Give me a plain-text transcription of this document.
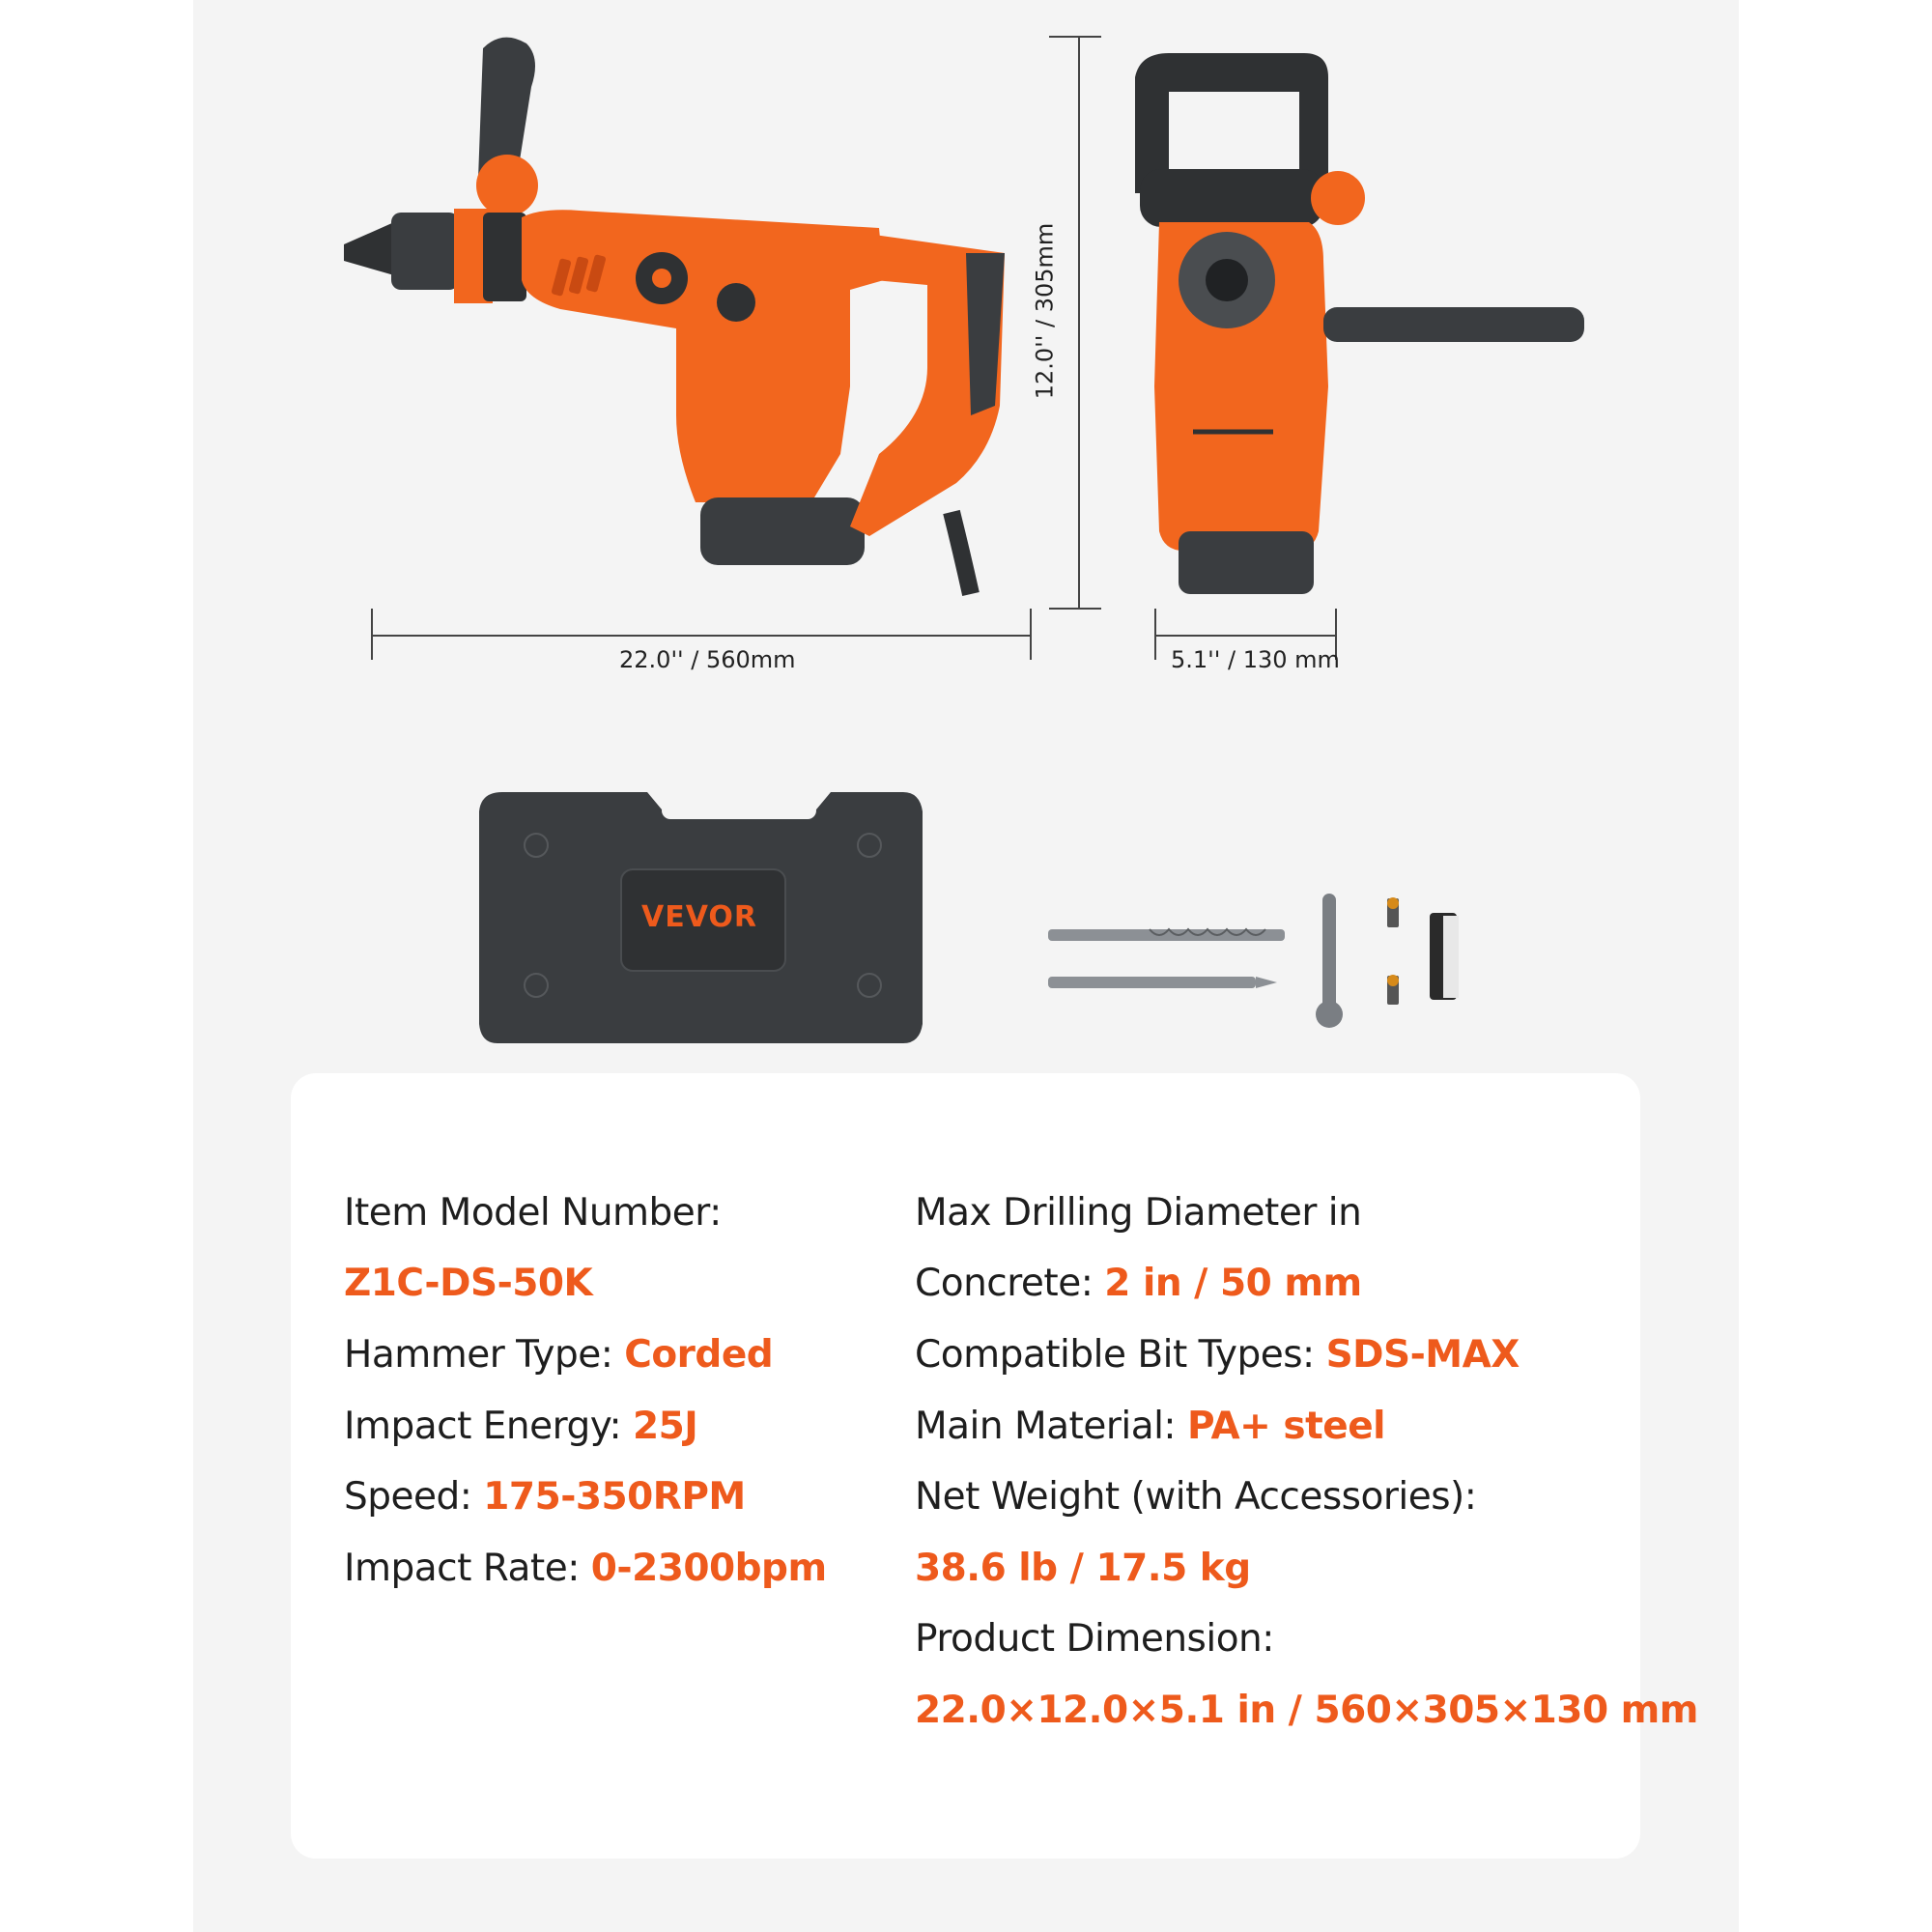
22.0'' / 560mm	5.1'' / 130 mm
12.0'' / 305mm
VEVOR
Item Model Number:
Z1C-DS-50K
Hammer Type: Corded
Impact Energy: 25J
Speed: 175-350RPM
Impact Rate: 0-2300bpm
Max Drilling Diameter in
Concrete: 2 in / 50 mm
Compatible Bit Types: SDS-MAX
Main Material: PA+ steel
Net Weight (with Accessories):
38.6 lb / 17.5 kg
Product Dimension:
22.0×12.0×5.1 in / 560×305×130 mm
